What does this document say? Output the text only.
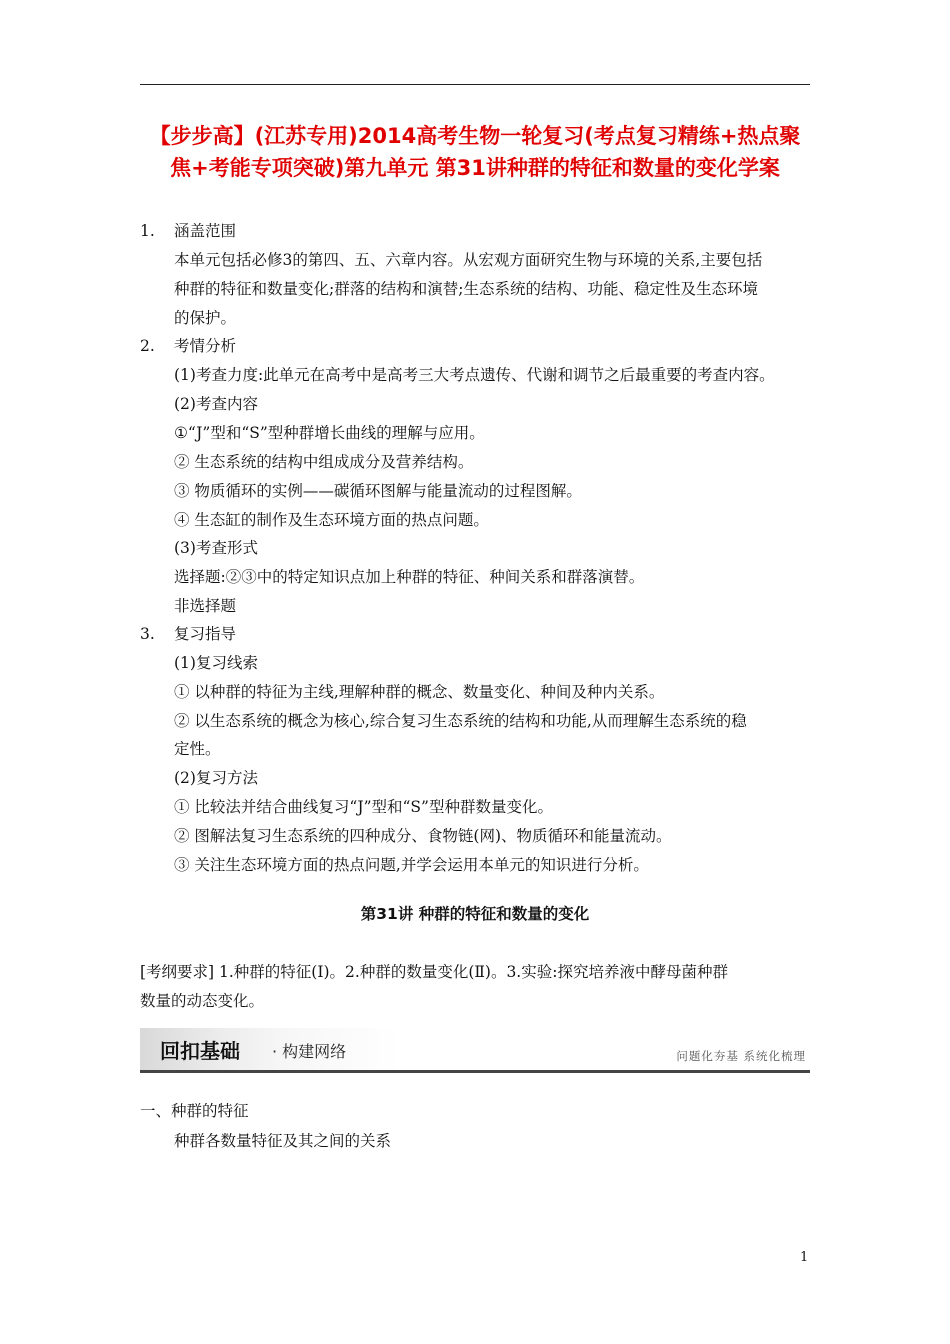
【步步高】(江苏专用)2014高考生物一轮复习(考点复习精练+热点聚
焦+考能专项突破)第九单元 第31讲种群的特征和数量的变化学案
1. 涵盖范围
本单元包括必修3的第四、五、六章内容。从宏观方面研究生物与环境的关系,主要包括
种群的特征和数量变化;群落的结构和演替;生态系统的结构、功能、稳定性及生态环境
的保护。
2. 考情分析
(1)考查力度:此单元在高考中是高考三大考点遗传、代谢和调节之后最重要的考查内容。
(2)考查内容
①“J”型和“S”型种群增长曲线的理解与应用。
② 生态系统的结构中组成成分及营养结构。
③ 物质循环的实例——碳循环图解与能量流动的过程图解。
④ 生态缸的制作及生态环境方面的热点问题。
(3)考查形式
选择题:②③中的特定知识点加上种群的特征、种间关系和群落演替。
非选择题
3. 复习指导
(1)复习线索
① 以种群的特征为主线,理解种群的概念、数量变化、种间及种内关系。
② 以生态系统的概念为核心,综合复习生态系统的结构和功能,从而理解生态系统的稳
定性。
(2)复习方法
① 比较法并结合曲线复习“J”型和“S”型种群数量变化。
② 图解法复习生态系统的四种成分、食物链(网)、物质循环和能量流动。
③ 关注生态环境方面的热点问题,并学会运用本单元的知识进行分析。
第31讲 种群的特征和数量的变化
[考纲要求] 1.种群的特征(Ⅰ)。2.种群的数量变化(Ⅱ)。3.实验:探究培养液中酵母菌种群
数量的动态变化。
回扣基础 · 构建网络	问题化夯基 系统化梳理
一、种群的特征
种群各数量特征及其之间的关系
1
